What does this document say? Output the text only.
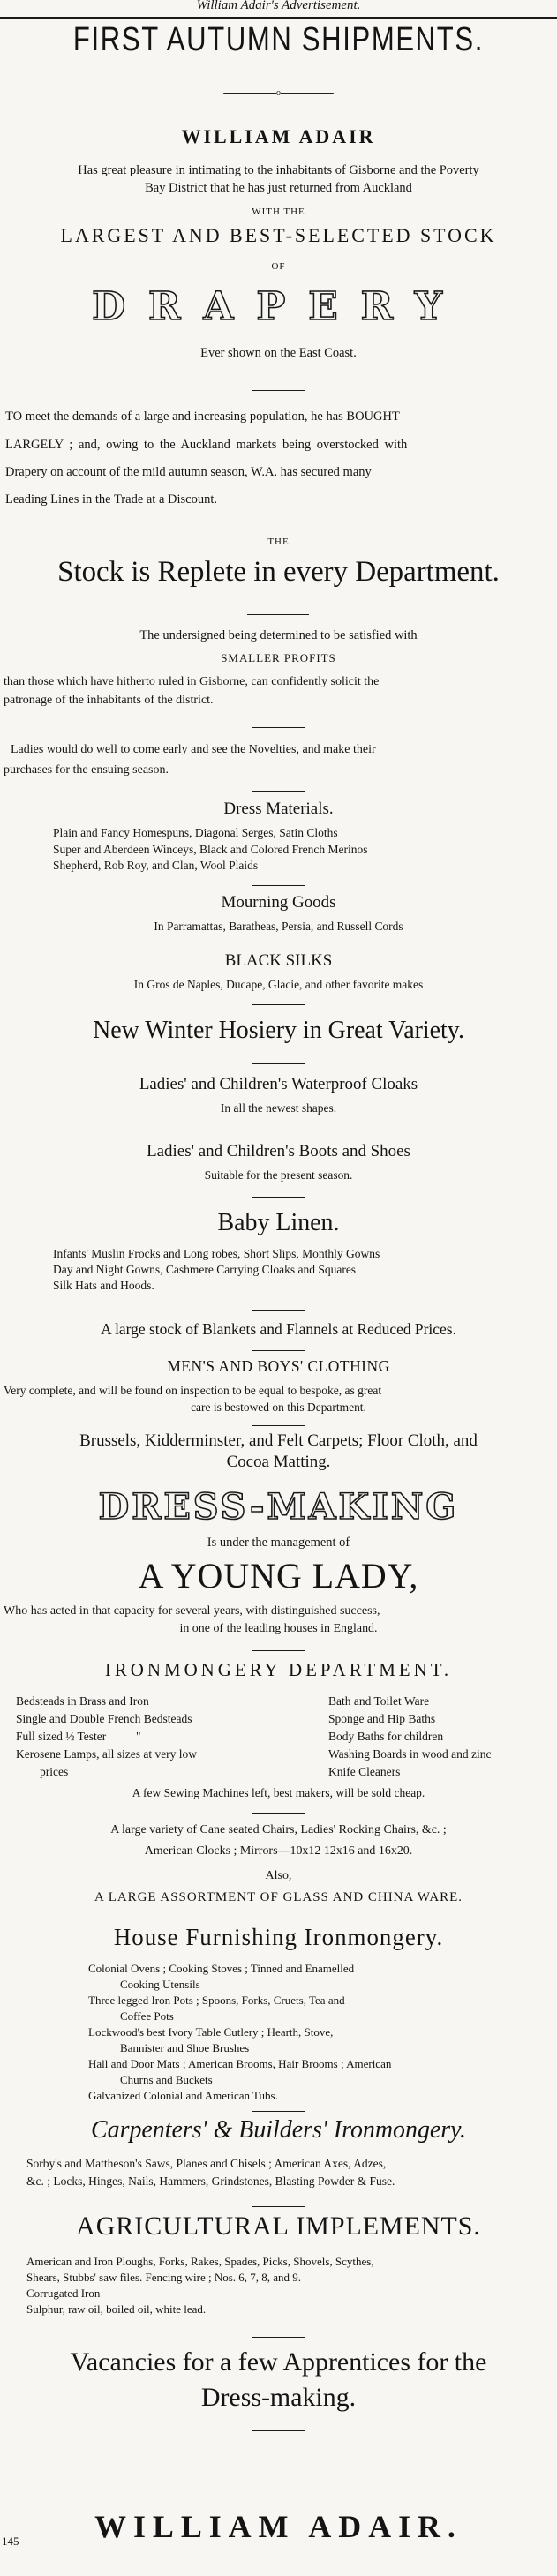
William Adair's Advertisement.
FIRST AUTUMN SHIPMENTS.
o
WILLIAM ADAIR
Has great pleasure in intimating to the inhabitants of Gisborne and the Poverty
Bay District that he has just returned from Auckland
WITH THE
LARGEST AND BEST-SELECTED STOCK
OF
DRAPERY
Ever shown on the East Coast.
TO meet the demands of a large and increasing population, he has BOUGHT
LARGELY ; and, owing to the Auckland markets being overstocked with
Drapery on account of the mild autumn season, W.A. has secured many
Leading Lines in the Trade at a Discount.
THE
Stock is Replete in every Department.
The undersigned being determined to be satisfied with
SMALLER PROFITS
than those which have hitherto ruled in Gisborne, can confidently solicit the
patronage of the inhabitants of the district.
Ladies would do well to come early and see the Novelties, and make their
purchases for the ensuing season.
Dress Materials.
Plain and Fancy Homespuns, Diagonal Serges, Satin Cloths
Super and Aberdeen Winceys, Black and Colored French Merinos
Shepherd, Rob Roy, and Clan, Wool Plaids
Mourning Goods
In Parramattas, Baratheas, Persia, and Russell Cords
BLACK SILKS
In Gros de Naples, Ducape, Glacie, and other favorite makes
New Winter Hosiery in Great Variety.
Ladies' and Children's Waterproof Cloaks
In all the newest shapes.
Ladies' and Children's Boots and Shoes
Suitable for the present season.
Baby Linen.
Infants' Muslin Frocks and Long robes, Short Slips, Monthly Gowns
Day and Night Gowns, Cashmere Carrying Cloaks and Squares
Silk Hats and Hoods.
A large stock of Blankets and Flannels at Reduced Prices.
MEN'S AND BOYS' CLOTHING
Very complete, and will be found on inspection to be equal to bespoke, as great
care is bestowed on this Department.
Brussels, Kidderminster, and Felt Carpets; Floor Cloth, and
Cocoa Matting.
DRESS-MAKING
Is under the management of
A YOUNG LADY,
Who has acted in that capacity for several years, with distinguished success,
in one of the leading houses in England.
IRONMONGERY DEPARTMENT.
Bedsteads in Brass and Iron
Single and Double French Bedsteads
Full sized ½ Tester          "
Kerosene Lamps, all sizes at very low
prices
Bath and Toilet Ware
Sponge and Hip Baths
Body Baths for children
Washing Boards in wood and zinc
Knife Cleaners
A few Sewing Machines left, best makers, will be sold cheap.
A large variety of Cane seated Chairs, Ladies' Rocking Chairs, &c. ;
American Clocks ; Mirrors—10x12 12x16 and 16x20.
Also,
A LARGE ASSORTMENT OF GLASS AND CHINA WARE.
House Furnishing Ironmongery.
Colonial Ovens ; Cooking Stoves ; Tinned and Enamelled
Cooking Utensils
Three legged Iron Pots ; Spoons, Forks, Cruets, Tea and
Coffee Pots
Lockwood's best Ivory Table Cutlery ; Hearth, Stove,
Bannister and Shoe Brushes
Hall and Door Mats ; American Brooms, Hair Brooms ; American
Churns and Buckets
Galvanized Colonial and American Tubs.
Carpenters' & Builders' Ironmongery.
Sorby's and Mattheson's Saws, Planes and Chisels ; American Axes, Adzes,
&c. ; Locks, Hinges, Nails, Hammers, Grindstones, Blasting Powder & Fuse.
AGRICULTURAL IMPLEMENTS.
American and Iron Ploughs, Forks, Rakes, Spades, Picks, Shovels, Scythes,
Shears, Stubbs' saw files. Fencing wire ; Nos. 6, 7, 8, and 9.
Corrugated Iron
Sulphur, raw oil, boiled oil, white lead.
Vacancies for a few Apprentices for the
Dress-making.
145	WILLIAM ADAIR.
